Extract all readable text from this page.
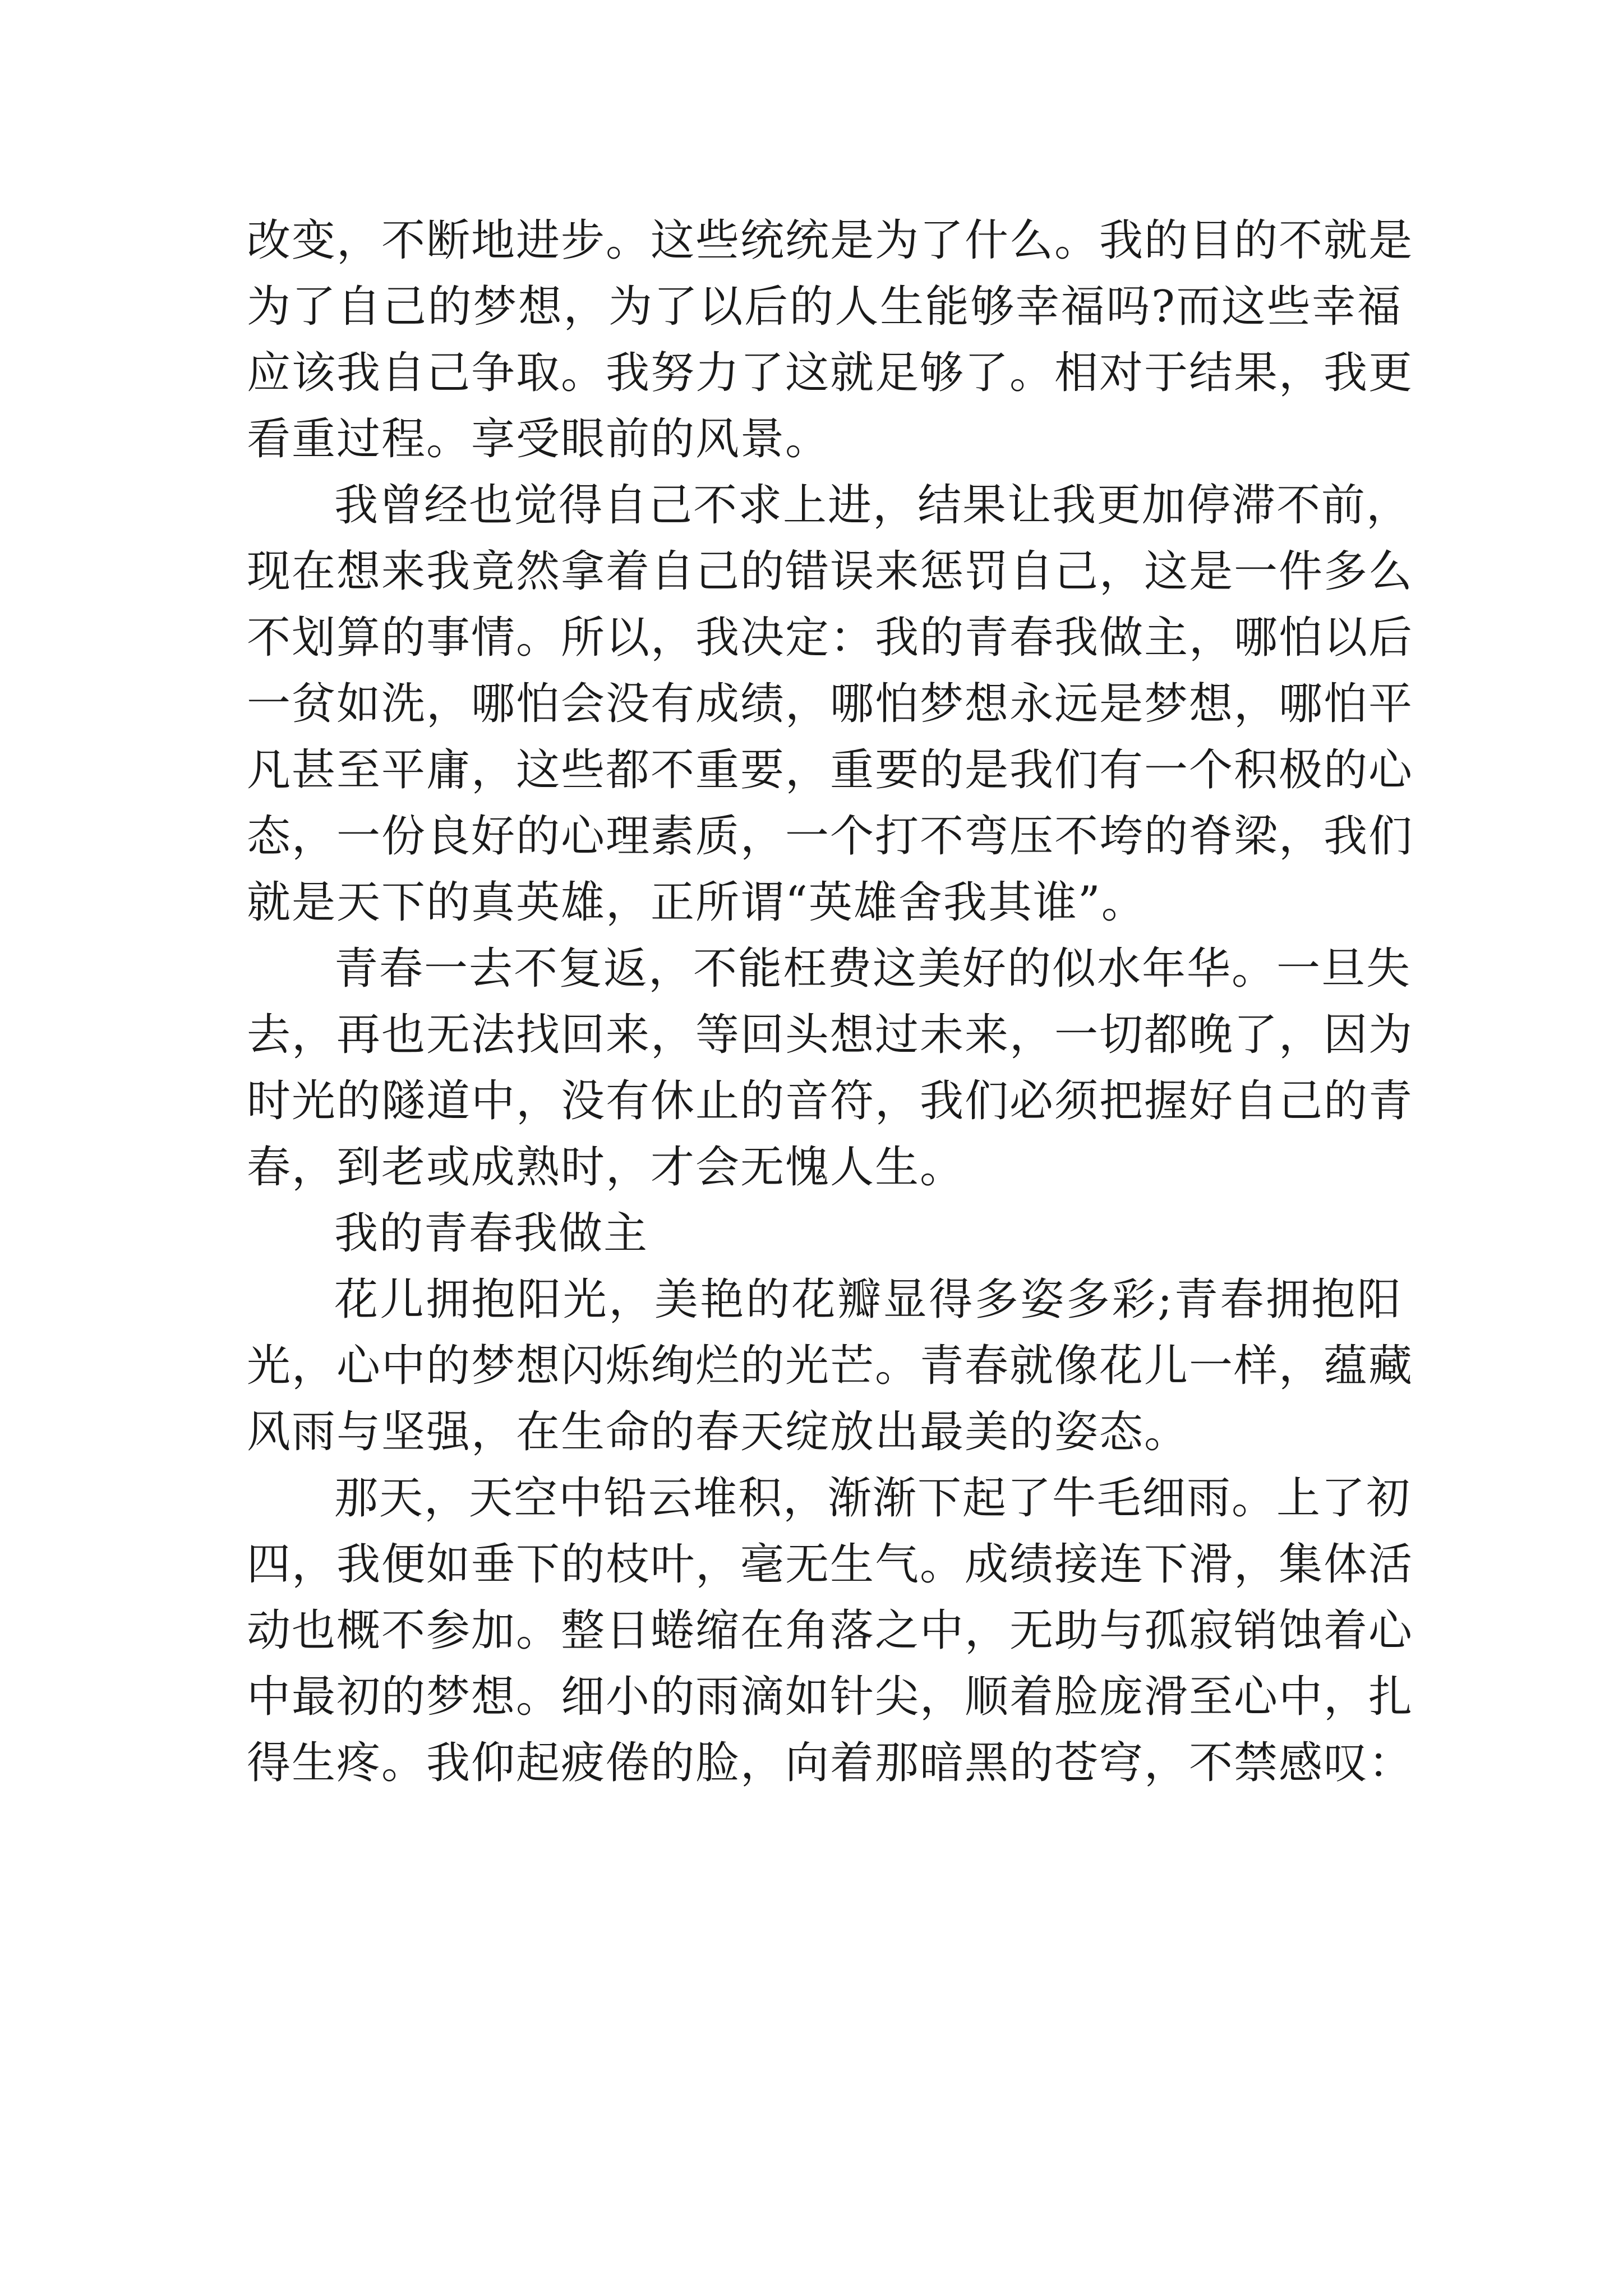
改变，不断地进步。这些统统是为了什么。我的目的不就是
为了自己的梦想，为了以后的人生能够幸福吗?而这些幸福
应该我自己争取。我努力了这就足够了。相对于结果，我更
看重过程。享受眼前的风景。
我曾经也觉得自己不求上进，结果让我更加停滞不前，
现在想来我竟然拿着自己的错误来惩罚自己，这是一件多么
不划算的事情。所以，我决定：我的青春我做主，哪怕以后
一贫如洗，哪怕会没有成绩，哪怕梦想永远是梦想，哪怕平
凡甚至平庸，这些都不重要，重要的是我们有一个积极的心
态，一份良好的心理素质，一个打不弯压不垮的脊梁，我们
就是天下的真英雄，正所谓“英雄舍我其谁”。
青春一去不复返，不能枉费这美好的似水年华。一旦失
去，再也无法找回来，等回头想过未来，一切都晚了，因为
时光的隧道中，没有休止的音符，我们必须把握好自己的青
春，到老或成熟时，才会无愧人生。
我的青春我做主
花儿拥抱阳光，美艳的花瓣显得多姿多彩;青春拥抱阳
光，心中的梦想闪烁绚烂的光芒。青春就像花儿一样，蕴藏
风雨与坚强，在生命的春天绽放出最美的姿态。
那天，天空中铅云堆积，渐渐下起了牛毛细雨。上了初
四，我便如垂下的枝叶，毫无生气。成绩接连下滑，集体活
动也概不参加。整日蜷缩在角落之中，无助与孤寂销蚀着心
中最初的梦想。细小的雨滴如针尖，顺着脸庞滑至心中，扎
得生疼。我仰起疲倦的脸，向着那暗黑的苍穹，不禁感叹：
